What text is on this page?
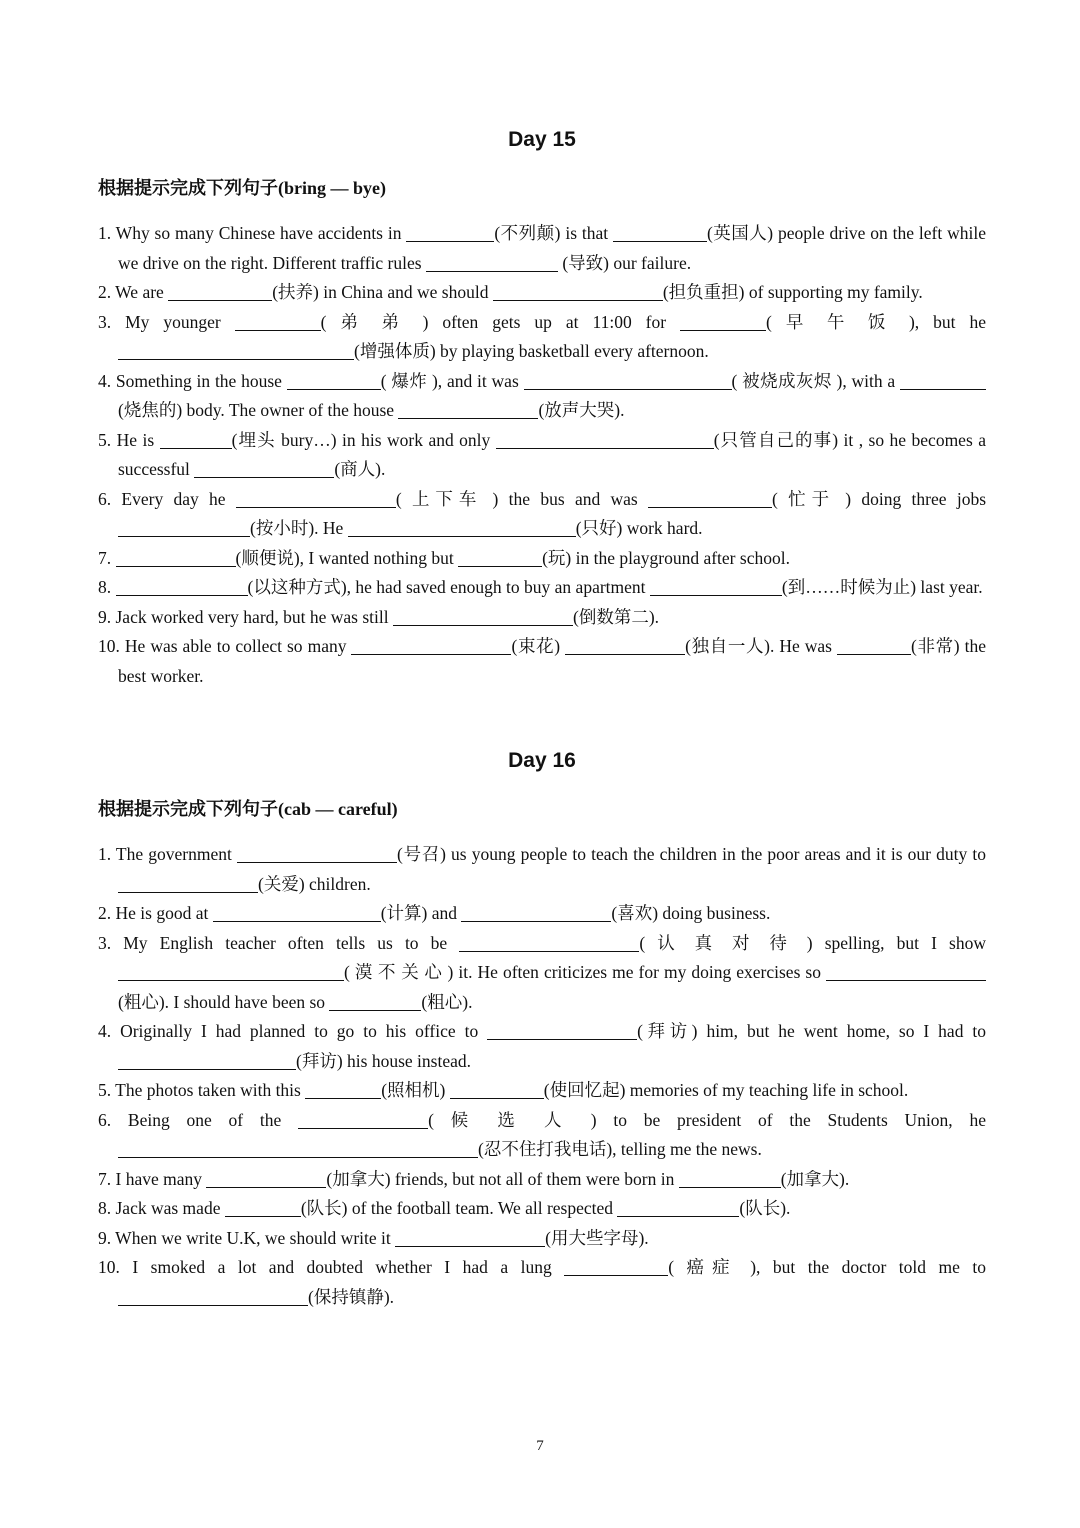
Day 15
根据提示完成下列句子(bring — bye)
1. Why so many Chinese have accidents in	(不列颠) is that	(英国人) people drive on the left while we drive on the right. Different traffic rules	(导致) our failure.
2. We are	(扶养) in China and we should	(担负重担) of supporting my family.
3. My younger	( 弟 弟 ) often gets up at 11:00 for	( 早 午 饭 ), but he (增强体质) by playing basketball every afternoon.
4. Something in the house	( 爆炸 ), and it was	( 被烧成灰烬 ), with a (烧焦的) body. The owner of the house	(放声大哭).
5. He is	(埋头 bury…) in his work and only	(只管自己的事) it , so he becomes a successful	(商人).
6. Every day he	( 上下车 ) the bus and was	( 忙于 ) doing three jobs (按小时). He	(只好) work hard.
7.	(顺便说), I wanted nothing but	(玩) in the playground after school.
8.	(以这种方式), he had saved enough to buy an apartment	(到……时候为止) last year.
9. Jack worked very hard, but he was still	(倒数第二).
10. He was able to collect so many	(束花)	(独自一人). He was	(非常) the best worker.
Day 16
根据提示完成下列句子(cab — careful)
1. The government	(号召) us young people to teach the children in the poor areas and it is our duty to (关爱) children.
2. He is good at	(计算) and	(喜欢) doing business.
3. My English teacher often tells us to be	( 认 真 对 待 ) spelling, but I show ( 漠 不 关 心 ) it. He often criticizes me for my doing exercises so (粗心). I should have been so	(粗心).
4. Originally I had planned to go to his office to	(拜访) him, but he went home, so I had to (拜访) his house instead.
5. The photos taken with this	(照相机)	(使回忆起) memories of my teaching life in school.
6. Being one of the	( 候 选 人 ) to be president of the Students Union, he (忍不住打我电话), telling me the news.
7. I have many	(加拿大) friends, but not all of them were born in	(加拿大).
8. Jack was made	(队长) of the football team. We all respected	(队长).
9. When we write U.K, we should write it	(用大些字母).
10. I smoked a lot and doubted whether I had a lung	( 癌症 ), but the doctor told me to (保持镇静).
7
